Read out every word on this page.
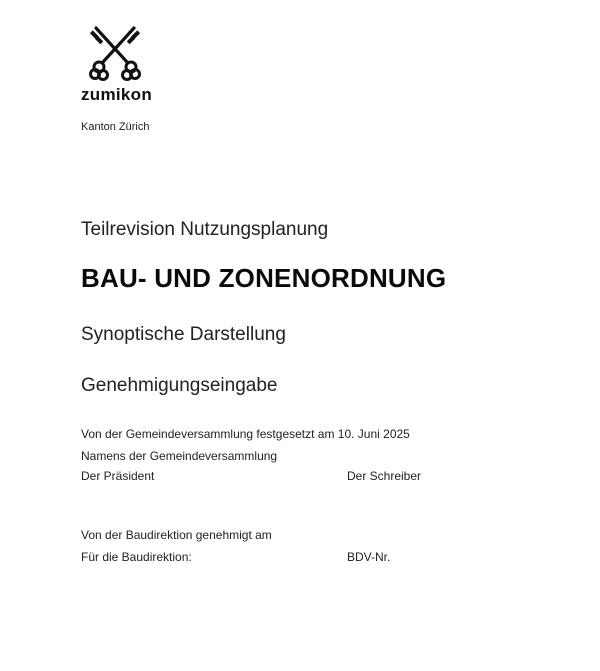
zumikon
Kanton Zürich
Teilrevision Nutzungsplanung
BAU- UND ZONENORDNUNG
Synoptische Darstellung
Genehmigungseingabe
Von der Gemeindeversammlung festgesetzt am 10. Juni 2025
Namens der Gemeindeversammlung
Der Präsident	Der Schreiber
Von der Baudirektion genehmigt am
Für die Baudirektion:	BDV-Nr.
